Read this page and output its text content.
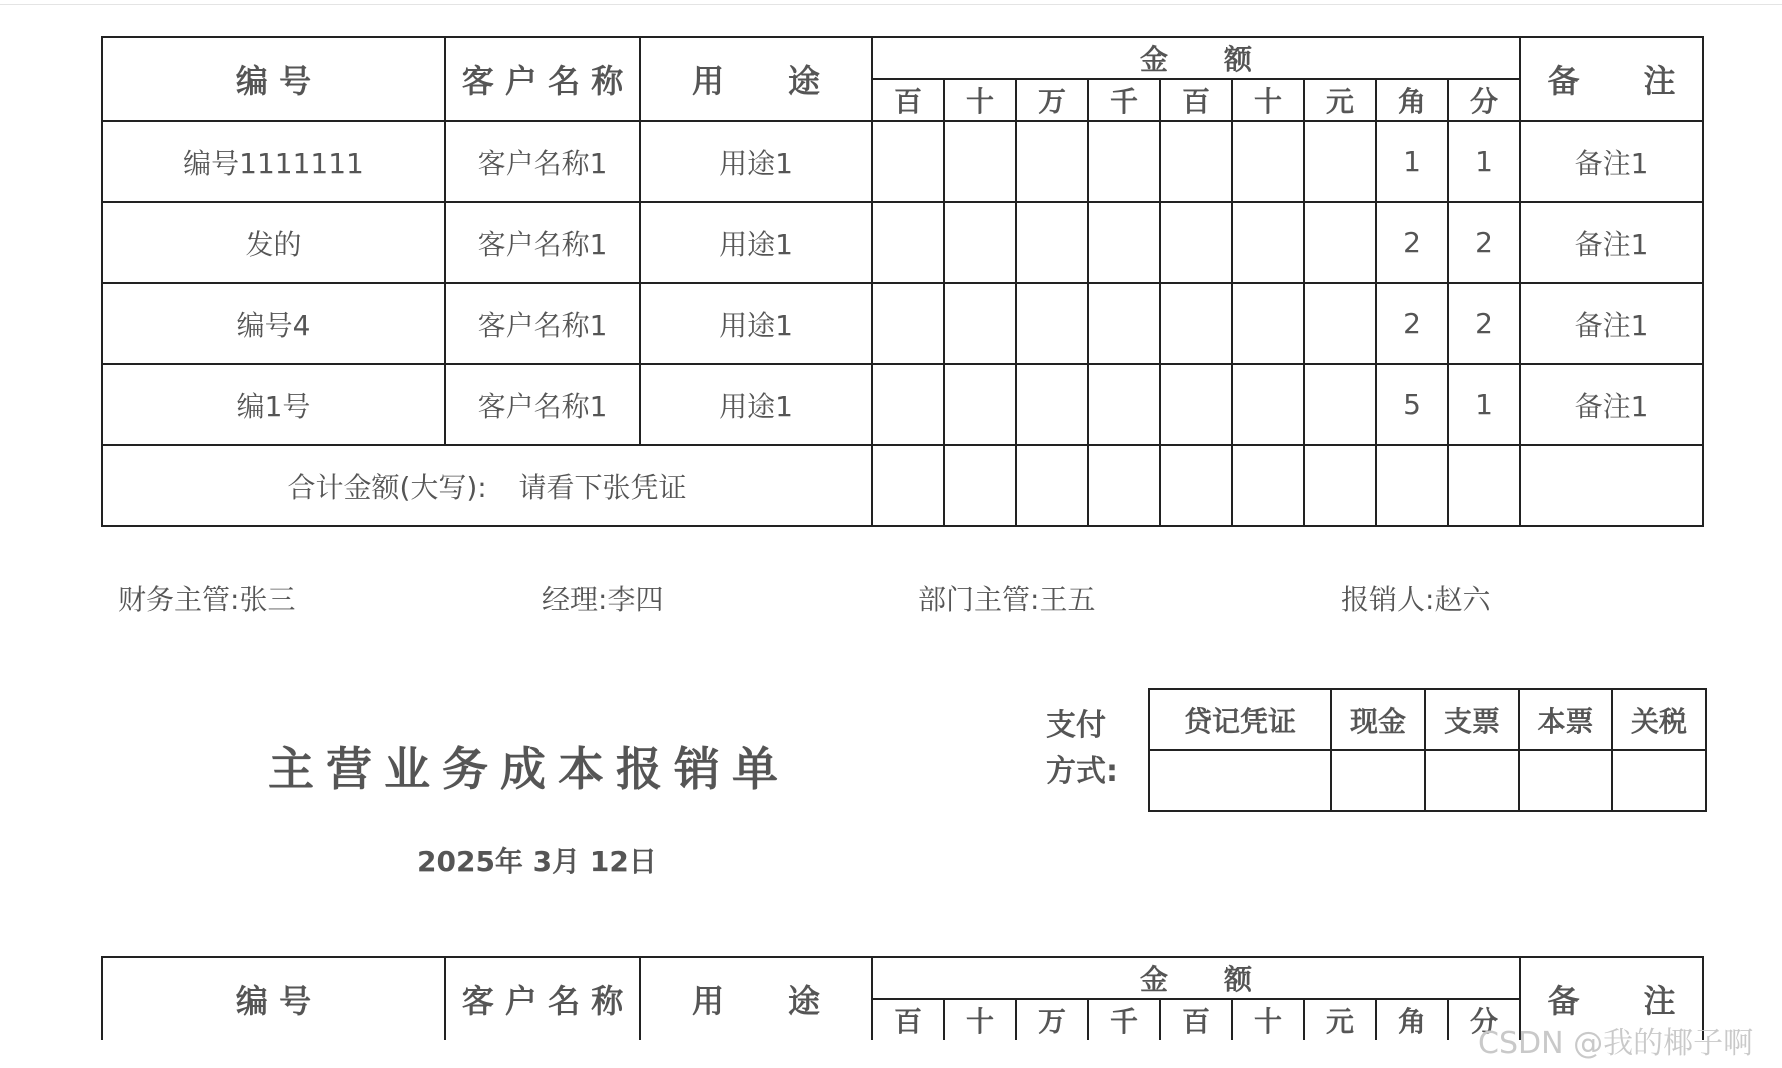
编 号	客 户 名 称	用　　途	金　　额									备　　注
			百	十	万	千	百	十	元	角	分	
编号1111111	客户名称1	用途1								1	1	备注1
发的	客户名称1	用途1								2	2	备注1
编号4	客户名称1	用途1								2	2	备注1
编1号	客户名称1	用途1								5	1	备注1
合计金额(大写): 请看下张凭证												
财务主管:张三	经理:李四	部门主管:王五	报销人:赵六
主营业务成本报销单
2025年 3月 12日
支付
方式:
贷记凭证	现金	支票	本票	关税

编 号	客 户 名 称	用　　途	金　　额									备　　注
			百	十	万	千	百	十	元	角	分	
CSDN @我的椰子啊
